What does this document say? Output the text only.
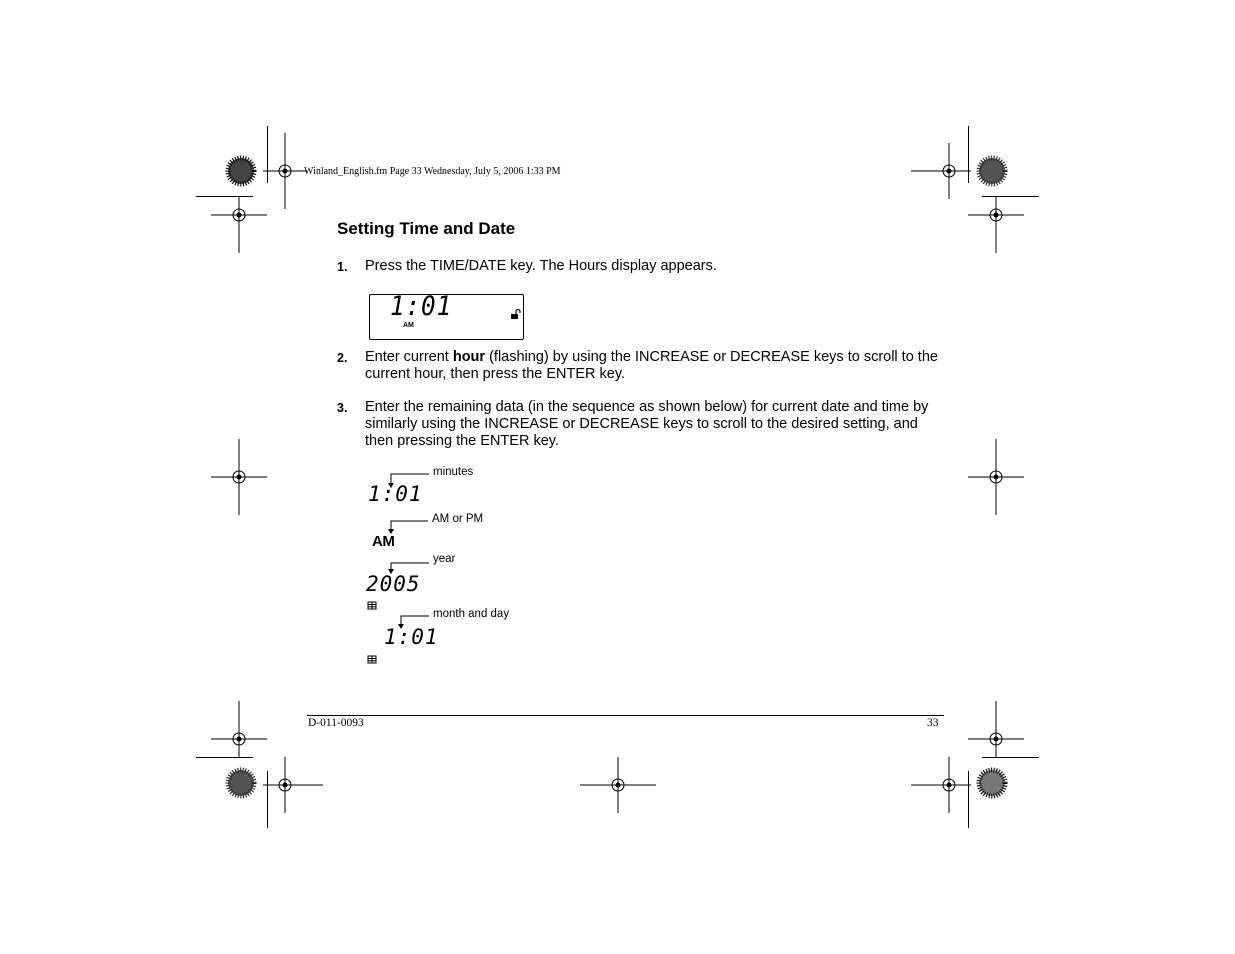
Winland_English.fm Page 33 Wednesday, July 5, 2006 1:33 PM
Setting Time and Date
1. Press the TIME/DATE key. The Hours display appears.
1:01
AM
2. Enter current hour (flashing) by using the INCREASE or DECREASE keys to scroll to the current hour, then press the ENTER key.
3. Enter the remaining data (in the sequence as shown below) for current date and time by similarly using the INCREASE or DECREASE keys to scroll to the desired setting, and then pressing the ENTER key.
minutes
1:01
AM or PM
AM
year
2005
month and day
1:01
D-011-0093	33
